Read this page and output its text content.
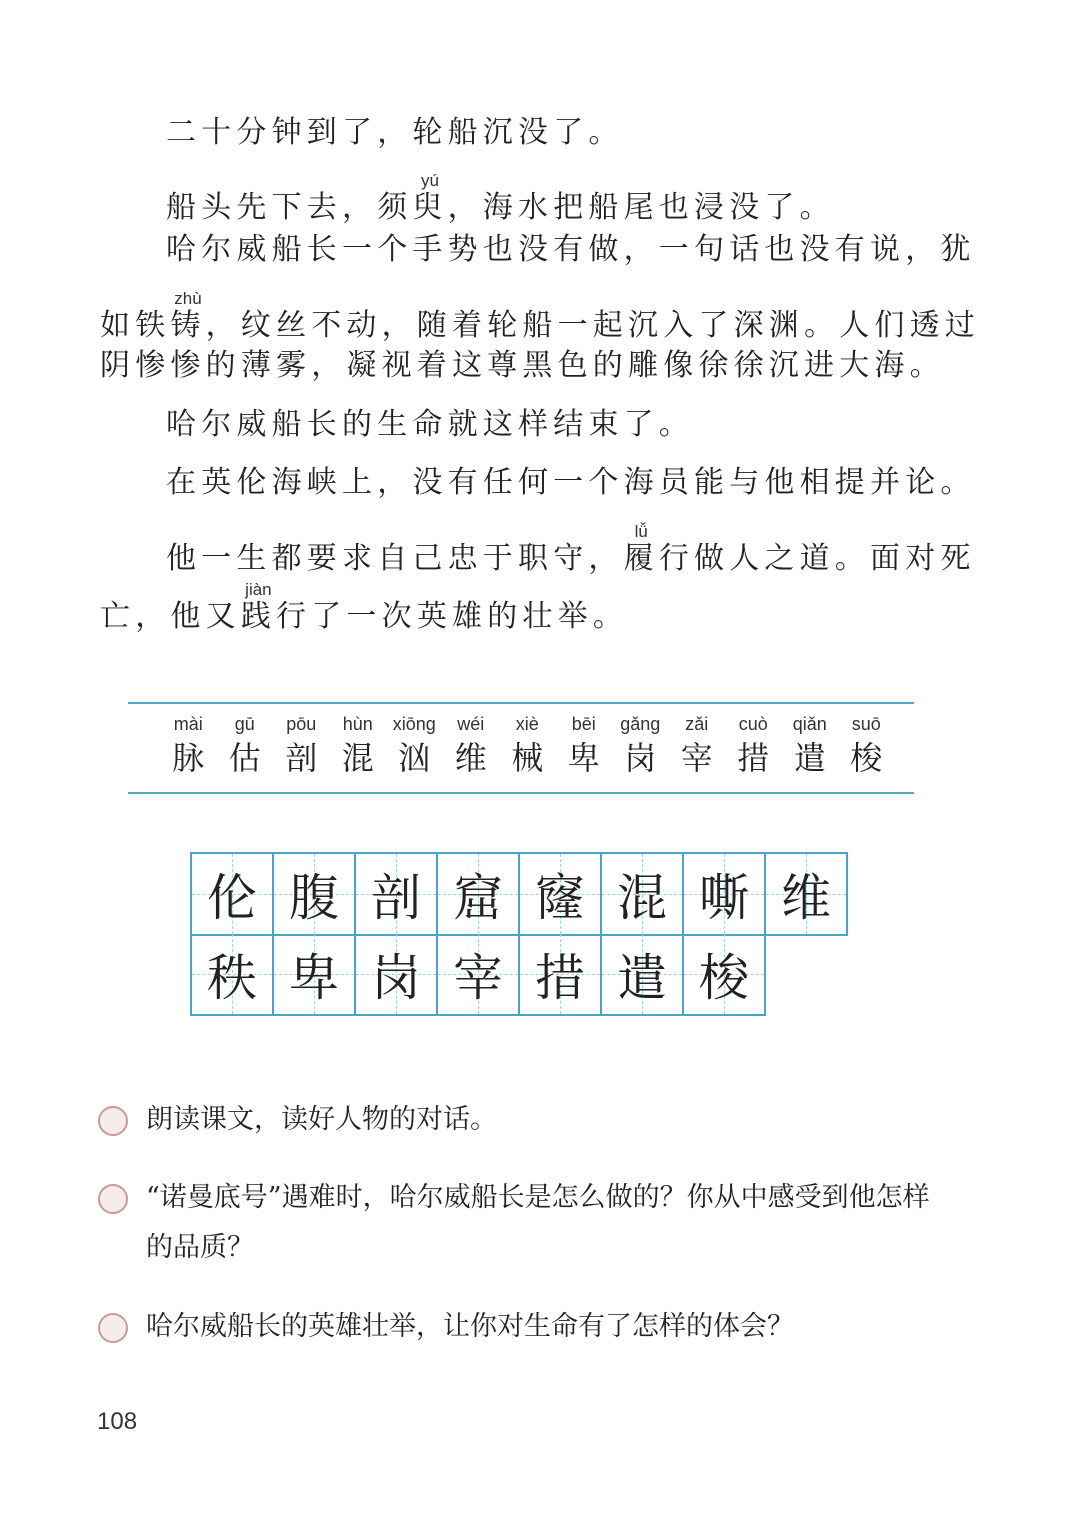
二十分钟到了，轮船沉没了。
船头先下去，须臾yú，海水把船尾也浸没了。
哈尔威船长一个手势也没有做，一句话也没有说，犹
如铁铸zhù，纹丝不动，随着轮船一起沉入了深渊。人们透过
阴惨惨的薄雾，凝视着这尊黑色的雕像徐徐沉进大海。
哈尔威船长的生命就这样结束了。
在英伦海峡上，没有任何一个海员能与他相提并论。
他一生都要求自己忠于职守，履lǚ行做人之道。面对死
亡，他又践jiàn行了一次英雄的壮举。
mài
脉
gū
估
pōu
剖
hùn
混
xiōng
汹
wéi
维
xiè
械
bēi
卑
gǎng
岗
zǎi
宰
cuò
措
qiǎn
遣
suō
梭
伦 腹 剖 窟 窿 混 嘶 维
秩 卑 岗 宰 措 遣 梭
朗读课文，读好人物的对话。
“诺曼底号”遇难时，哈尔威船长是怎么做的？你从中感受到他怎样的品质？
哈尔威船长的英雄壮举，让你对生命有了怎样的体会？
108
